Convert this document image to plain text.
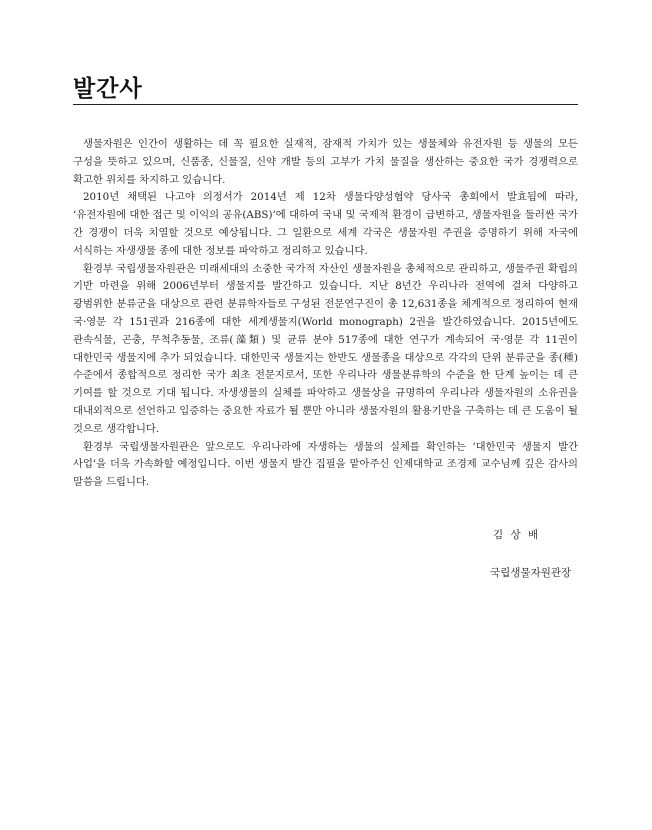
발간사

생물자원은 인간이 생활하는 데 꼭 필요한 실재적, 잠재적 가치가 있는 생물체와 유전자원 등 생물의 모든 구성을 뜻하고 있으며, 신품종, 신물질, 신약 개발 등의 고부가 가치 물질을 생산하는 중요한 국가 경쟁력으로 확고한 위치를 차지하고 있습니다.

2010년 채택된 나고야 의정서가 2014년 제 12차 생물다양성협약 당사국 총회에서 발효됨에 따라, ‘유전자원에 대한 접근 및 이익의 공유(ABS)’에 대하여 국내 및 국제적 환경이 급변하고, 생물자원을 둘러싼 국가 간 경쟁이 더욱 치열할 것으로 예상됩니다. 그 일환으로 세계 각국은 생물자원 주권을 증명하기 위해 자국에 서식하는 자생생물 종에 대한 정보를 파악하고 정리하고 있습니다.

환경부 국립생물자원관은 미래세대의 소중한 국가적 자산인 생물자원을 총체적으로 관리하고, 생물주권 확립의 기반 마련을 위해 2006년부터 생물지를 발간하고 있습니다. 지난 8년간 우리나라 전역에 걸쳐 다양하고 광범위한 분류군을 대상으로 관련 분류학자들로 구성된 전문연구진이 총 12,631종을 체계적으로 정리하여 현재 국·영문 각 151권과 216종에 대한 세계생물지(World monograph) 2권을 발간하였습니다. 2015년에도 관속식물, 곤충, 무척추동물, 조류(藻類) 및 균류 분야 517종에 대한 연구가 계속되어 국·영문 각 11권이 대한민국 생물지에 추가 되었습니다. 대한민국 생물지는 한반도 생물종을 대상으로 각각의 단위 분류군을 종(種) 수준에서 종합적으로 정리한 국가 최초 전문지로서, 또한 우리나라 생물분류학의 수준을 한 단계 높이는 데 큰 기여를 할 것으로 기대 됩니다. 자생생물의 실체를 파악하고 생물상을 규명하여 우리나라 생물자원의 소유권을 대내외적으로 선언하고 입증하는 중요한 자료가 될 뿐만 아니라 생물자원의 활용기반을 구축하는 데 큰 도움이 될 것으로 생각합니다.

환경부 국립생물자원관은 앞으로도 우리나라에 자생하는 생물의 실체를 확인하는 ‘대한민국 생물지 발간 사업’을 더욱 가속화할 예정입니다. 이번 생물지 발간 집필을 맡아주신 인제대학교 조경제 교수님께 깊은 감사의 말씀을 드립니다.

김 상 배
국립생물자원관장
